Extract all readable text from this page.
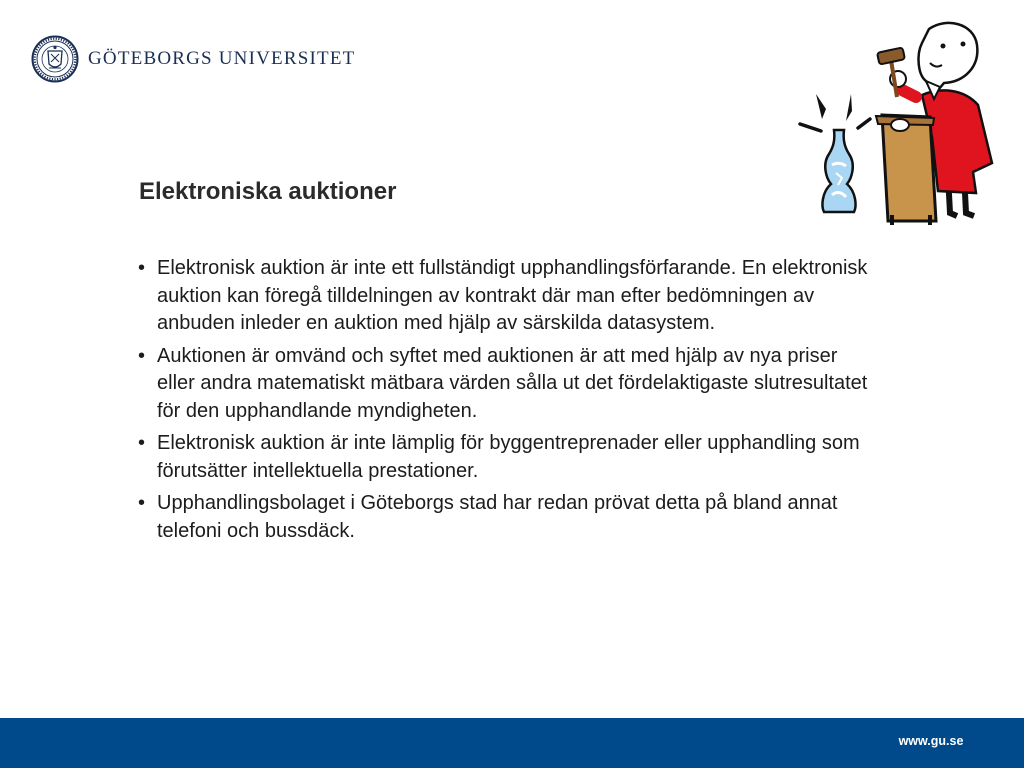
GÖTEBORGS UNIVERSITET
Elektroniska auktioner
• Elektronisk auktion är inte ett fullständigt upphandlingsförfarande. En elektronisk auktion kan föregå tilldelningen av kontrakt där man efter bedömningen av anbuden inleder en auktion med hjälp av särskilda datasystem.
• Auktionen är omvänd och syftet med auktionen är att med hjälp av nya priser eller andra matematiskt mätbara värden sålla ut det fördelaktigaste slutresultatet för den upphandlande myndigheten.
• Elektronisk auktion är inte lämplig för byggentreprenader eller upphandling som förutsätter intellektuella prestationer.
• Upphandlingsbolaget i Göteborgs stad har redan prövat detta på bland annat telefoni och bussdäck.
www.gu.se
